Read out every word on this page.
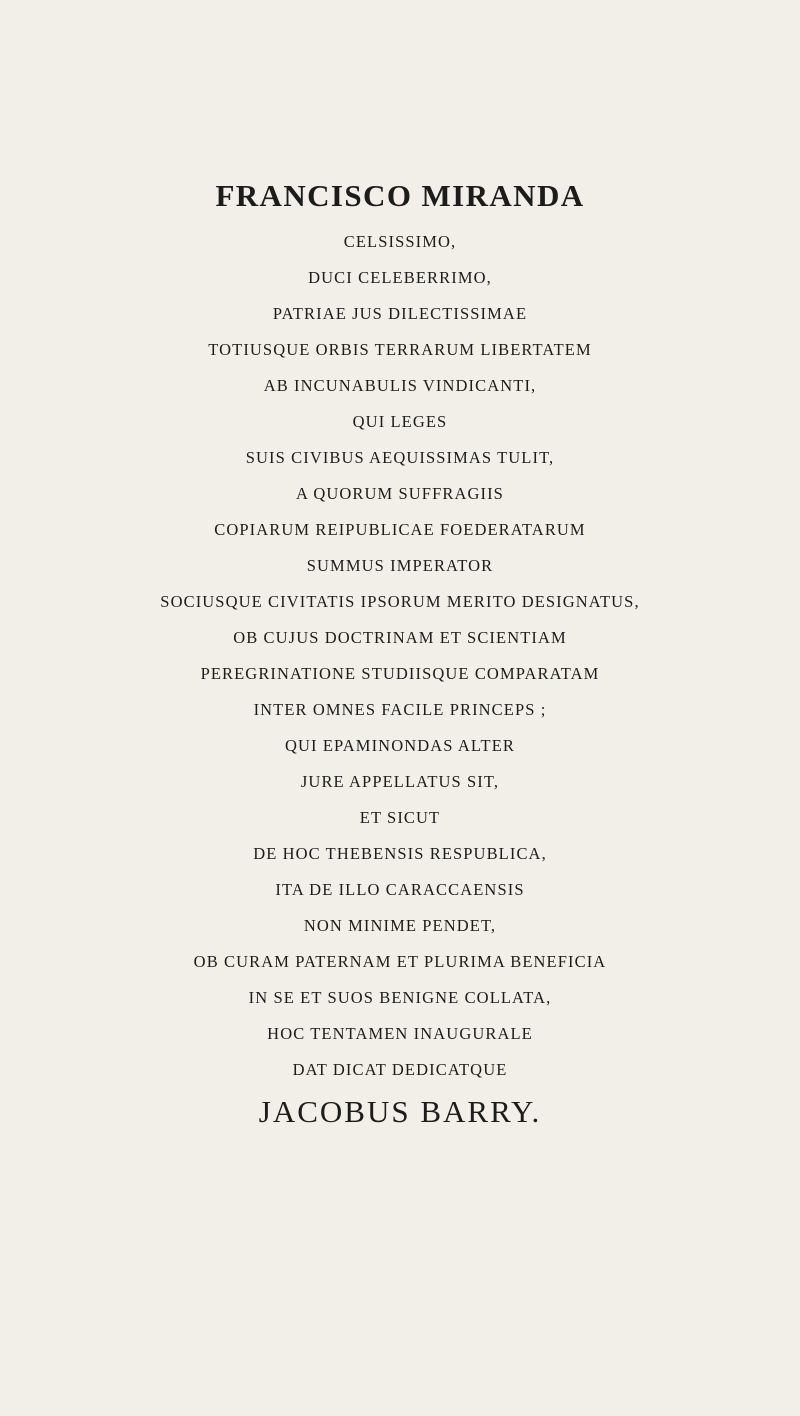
FRANCISCO MIRANDA

CELSISSIMO,

DUCI CELEBERRIMO,

PATRIAE JUS DILECTISSIMAE

TOTIUSQUE ORBIS TERRARUM LIBERTATEM

AB INCUNABULIS VINDICANTI,

QUI LEGES

SUIS CIVIBUS AEQUISSIMAS TULIT,

A QUORUM SUFFRAGIIS

COPIARUM REIPUBLICAE FOEDERATARUM

SUMMUS IMPERATOR

SOCIUSQUE CIVITATIS IPSORUM MERITO DESIGNATUS,

OB CUJUS DOCTRINAM ET SCIENTIAM

PEREGRINATIONE STUDIISQUE COMPARATAM

INTER OMNES FACILE PRINCEPS ;

QUI EPAMINONDAS ALTER

JURE APPELLATUS SIT,

ET SICUT

DE HOC THEBENSIS RESPUBLICA,

ITA DE ILLO CARACCAENSIS

NON MINIME PENDET,

OB CURAM PATERNAM ET PLURIMA BENEFICIA

IN SE ET SUOS BENIGNE COLLATA,

HOC TENTAMEN INAUGURALE

DAT DICAT DEDICATQUE

JACOBUS BARRY.
